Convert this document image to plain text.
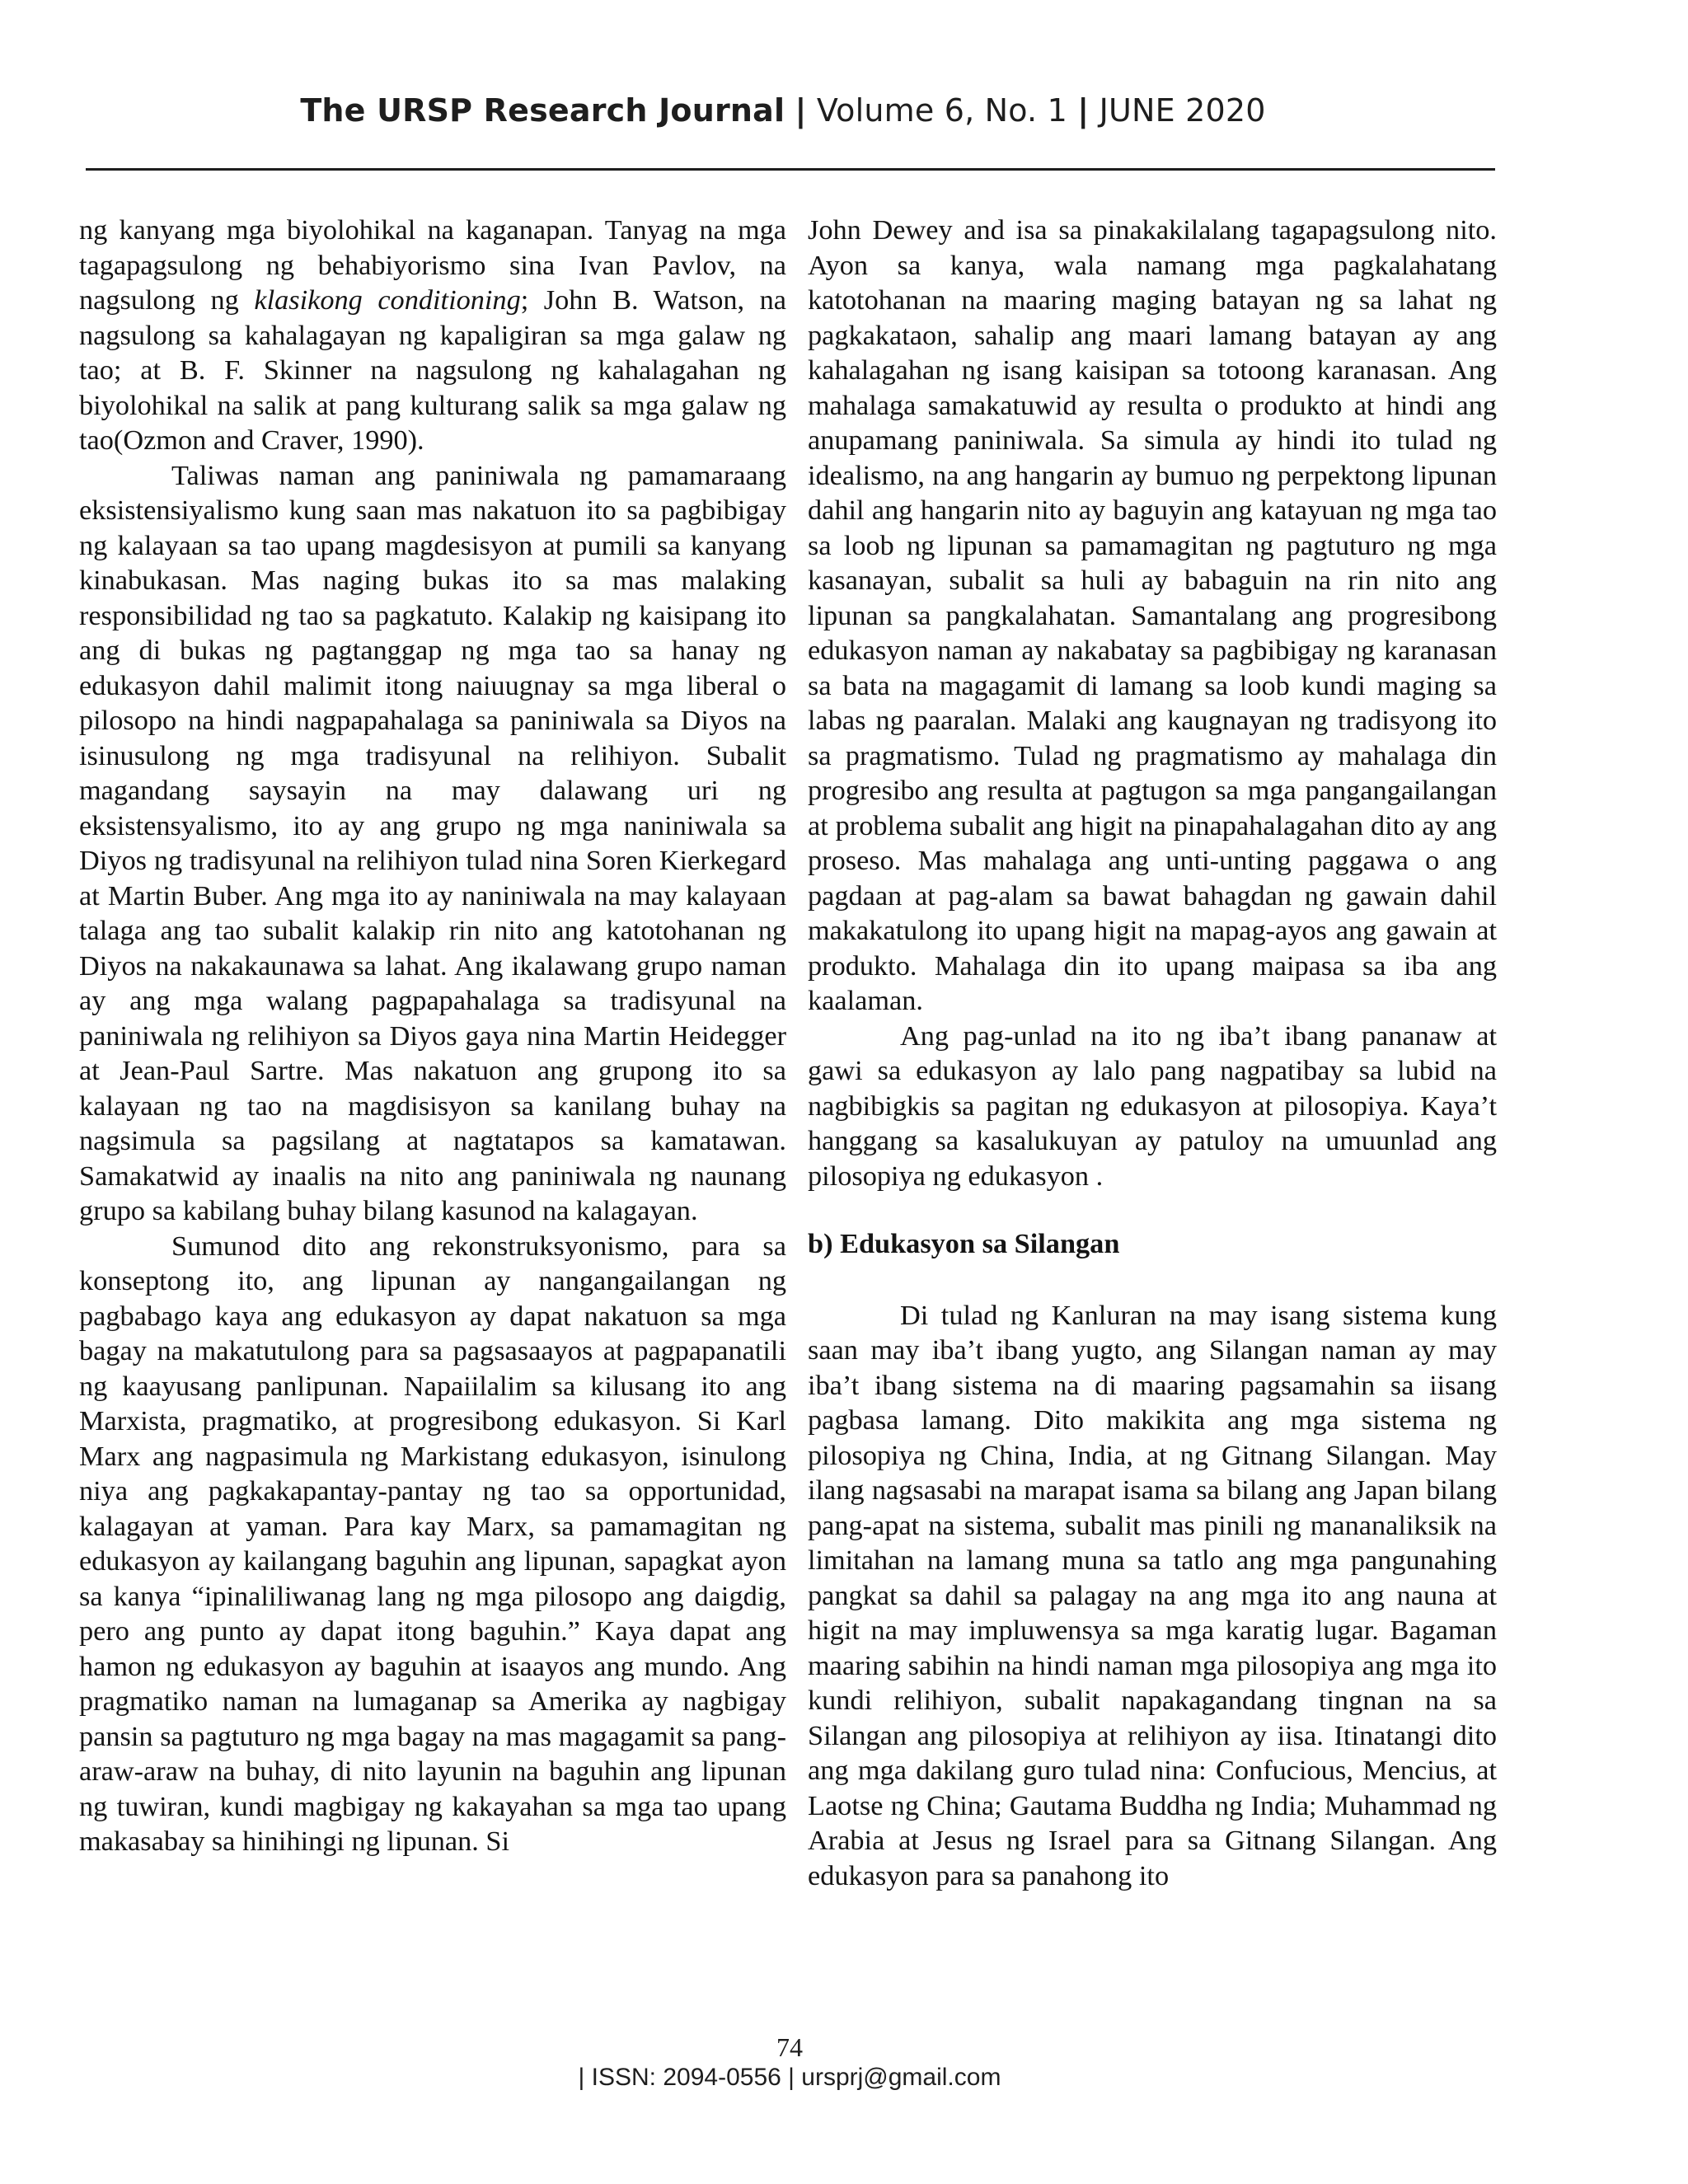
The URSP Research Journal | Volume 6, No. 1 | JUNE 2020

ng kanyang mga biyolohikal na kaganapan. Tanyag na mga tagapagsulong ng behabiyorismo sina Ivan Pavlov, na nagsulong ng klasikong conditioning; John B. Watson, na nagsulong sa kahalagayan ng kapaligiran sa mga galaw ng tao; at B. F. Skinner na nagsulong ng kahalagahan ng biyolohikal na salik at pang kulturang salik sa mga galaw ng tao(Ozmon and Craver, 1990).

Taliwas naman ang paniniwala ng pamamaraang eksistensiyalismo kung saan mas nakatuon ito sa pagbibigay ng kalayaan sa tao upang magdesisyon at pumili sa kanyang kinabukasan. Mas naging bukas ito sa mas malaking responsibilidad ng tao sa pagkatuto. Kalakip ng kaisipang ito ang di bukas ng pagtanggap ng mga tao sa hanay ng edukasyon dahil malimit itong naiuugnay sa mga liberal o pilosopo na hindi nagpapahalaga sa paniniwala sa Diyos na isinusulong ng mga tradisyunal na relihiyon. Subalit magandang saysayin na may dalawang uri ng eksistensyalismo, ito ay ang grupo ng mga naniniwala sa Diyos ng tradisyunal na relihiyon tulad nina Soren Kierkegard at Martin Buber. Ang mga ito ay naniniwala na may kalayaan talaga ang tao subalit kalakip rin nito ang katotohanan ng Diyos na nakakaunawa sa lahat. Ang ikalawang grupo naman ay ang mga walang pagpapahalaga sa tradisyunal na paniniwala ng relihiyon sa Diyos gaya nina Martin Heidegger at Jean-Paul Sartre. Mas nakatuon ang grupong ito sa kalayaan ng tao na magdisisyon sa kanilang buhay na nagsimula sa pagsilang at nagtatapos sa kamatawan. Samakatwid ay inaalis na nito ang paniniwala ng naunang grupo sa kabilang buhay bilang kasunod na kalagayan.

Sumunod dito ang rekonstruksyonismo, para sa konseptong ito, ang lipunan ay nangangailangan ng pagbabago kaya ang edukasyon ay dapat nakatuon sa mga bagay na makatutulong para sa pagsasaayos at pagpapanatili ng kaayusang panlipunan. Napaiilalim sa kilusang ito ang Marxista, pragmatiko, at progresibong edukasyon. Si Karl Marx ang nagpasimula ng Markistang edukasyon, isinulong niya ang pagkakapantay-pantay ng tao sa opportunidad, kalagayan at yaman. Para kay Marx, sa pamamagitan ng edukasyon ay kailangang baguhin ang lipunan, sapagkat ayon sa kanya “ipinaliliwanag lang ng mga pilosopo ang daigdig, pero ang punto ay dapat itong baguhin.” Kaya dapat ang hamon ng edukasyon ay baguhin at isaayos ang mundo. Ang pragmatiko naman na lumaganap sa Amerika ay nagbigay pansin sa pagtuturo ng mga bagay na mas magagamit sa pang-araw-araw na buhay, di nito layunin na baguhin ang lipunan ng tuwiran, kundi magbigay ng kakayahan sa mga tao upang makasabay sa hinihingi ng lipunan. Si

John Dewey and isa sa pinakakilalang tagapagsulong nito. Ayon sa kanya, wala namang mga pagkalahatang katotohanan na maaring maging batayan ng sa lahat ng pagkakataon, sahalip ang maari lamang batayan ay ang kahalagahan ng isang kaisipan sa totoong karanasan. Ang mahalaga samakatuwid ay resulta o produkto at hindi ang anupamang paniniwala. Sa simula ay hindi ito tulad ng idealismo, na ang hangarin ay bumuo ng perpektong lipunan dahil ang hangarin nito ay baguyin ang katayuan ng mga tao sa loob ng lipunan sa pamamagitan ng pagtuturo ng mga kasanayan, subalit sa huli ay babaguin na rin nito ang lipunan sa pangkalahatan. Samantalang ang progresibong edukasyon naman ay nakabatay sa pagbibigay ng karanasan sa bata na magagamit di lamang sa loob kundi maging sa labas ng paaralan. Malaki ang kaugnayan ng tradisyong ito sa pragmatismo. Tulad ng pragmatismo ay mahalaga din progresibo ang resulta at pagtugon sa mga pangangailangan at problema subalit ang higit na pinapahalagahan dito ay ang proseso. Mas mahalaga ang unti-unting paggawa o ang pagdaan at pag-alam sa bawat bahagdan ng gawain dahil makakatulong ito upang higit na mapag-ayos ang gawain at produkto. Mahalaga din ito upang maipasa sa iba ang kaalaman.

Ang pag-unlad na ito ng iba’t ibang pananaw at gawi sa edukasyon ay lalo pang nagpatibay sa lubid na nagbibigkis sa pagitan ng edukasyon at pilosopiya. Kaya’t hanggang sa kasalukuyan ay patuloy na umuunlad ang pilosopiya ng edukasyon .

b) Edukasyon sa Silangan

Di tulad ng Kanluran na may isang sistema kung saan may iba’t ibang yugto, ang Silangan naman ay may iba’t ibang sistema na di maaring pagsamahin sa iisang pagbasa lamang. Dito makikita ang mga sistema ng pilosopiya ng China, India, at ng Gitnang Silangan. May ilang nagsasabi na marapat isama sa bilang ang Japan bilang pang-apat na sistema, subalit mas pinili ng mananaliksik na limitahan na lamang muna sa tatlo ang mga pangunahing pangkat sa dahil sa palagay na ang mga ito ang nauna at higit na may impluwensya sa mga karatig lugar. Bagaman maaring sabihin na hindi naman mga pilosopiya ang mga ito kundi relihiyon, subalit napakagandang tingnan na sa Silangan ang pilosopiya at relihiyon ay iisa. Itinatangi dito ang mga dakilang guro tulad nina: Confucious, Mencius, at Laotse ng China; Gautama Buddha ng India; Muhammad ng Arabia at Jesus ng Israel para sa Gitnang Silangan. Ang edukasyon para sa panahong ito

74
| ISSN: 2094-0556 | ursprj@gmail.com
